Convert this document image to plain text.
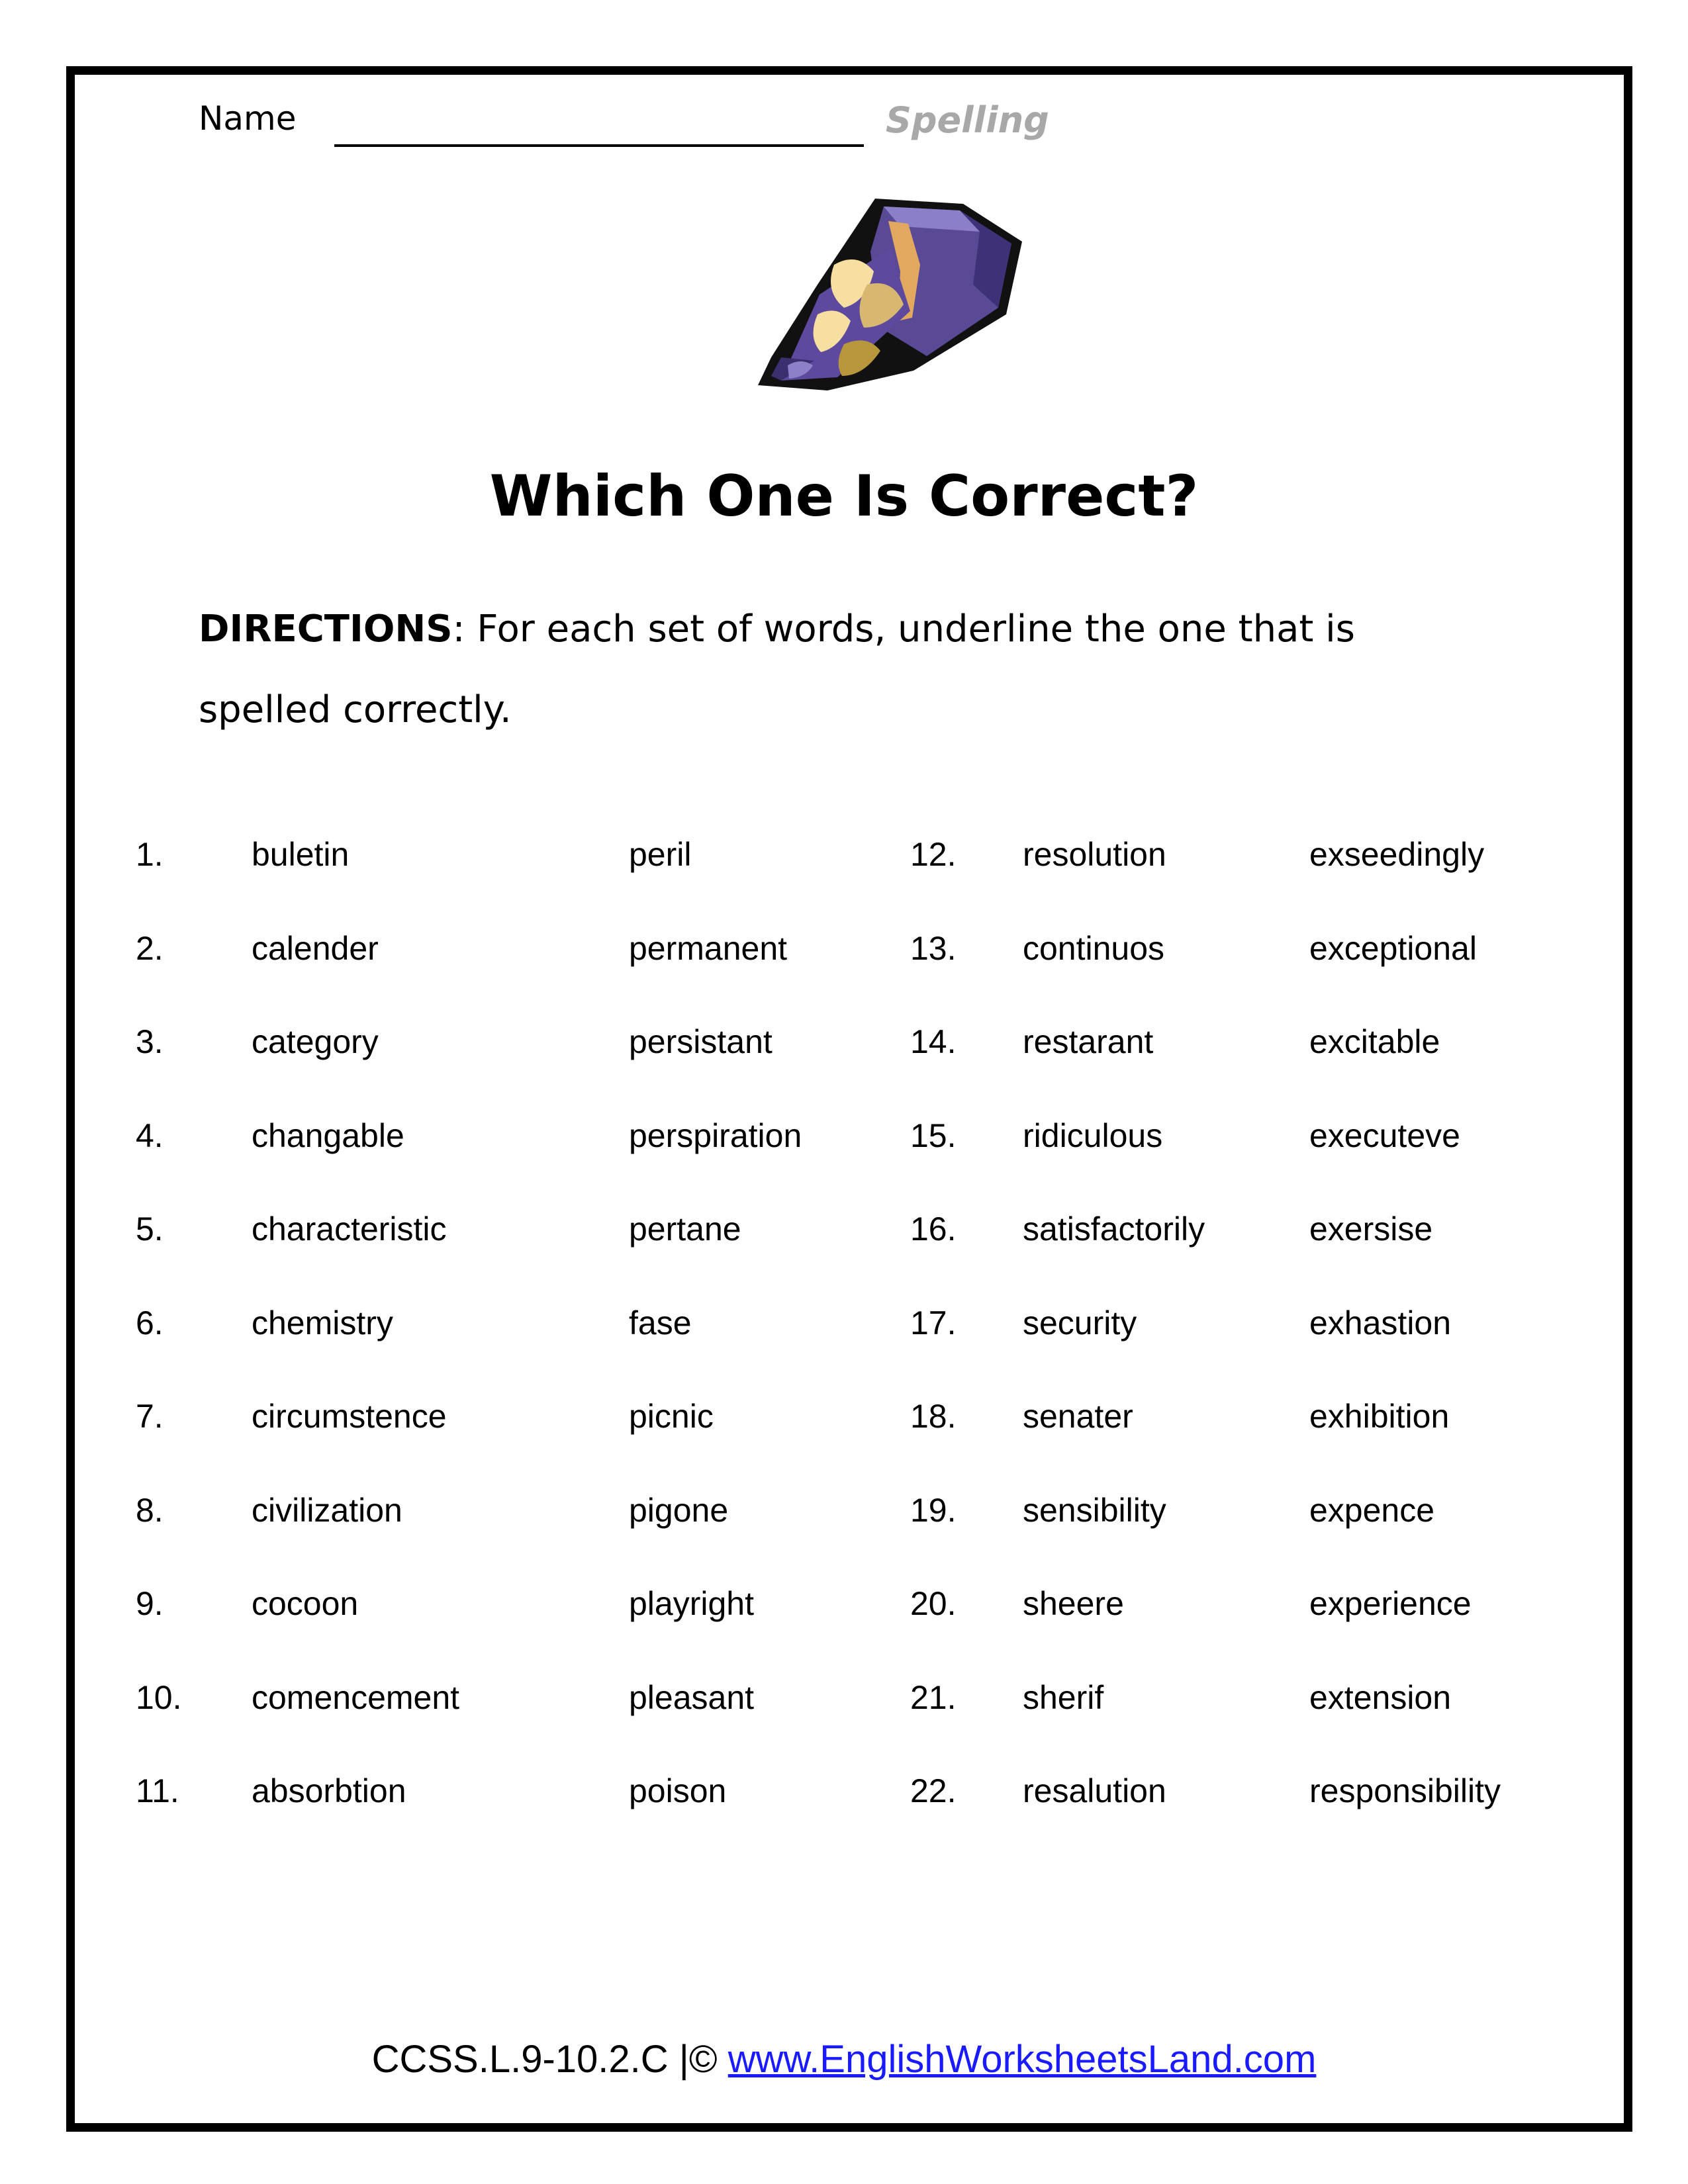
Name	Spelling
Which One Is Correct?
DIRECTIONS: For each set of words, underline the one that is spelled correctly.
1.	buletin	peril
2.	calender	permanent
3.	category	persistant
4.	changable	perspiration
5.	characteristic	pertane
6.	chemistry	fase
7.	circumstence	picnic
8.	civilization	pigone
9.	cocoon	playright
10. comencement	pleasant
11. absorbtion	poison
12. resolution	exseedingly
13. continuos	exceptional
14. restarant	excitable
15. ridiculous	executeve
16. satisfactorily	exersise
17. security	exhastion
18. senater	exhibition
19. sensibility	expence
20. sheere	experience
21. sherif	extension
22. resalution	responsibility
CCSS.L.9-10.2.C |© www.EnglishWorksheetsLand.com
